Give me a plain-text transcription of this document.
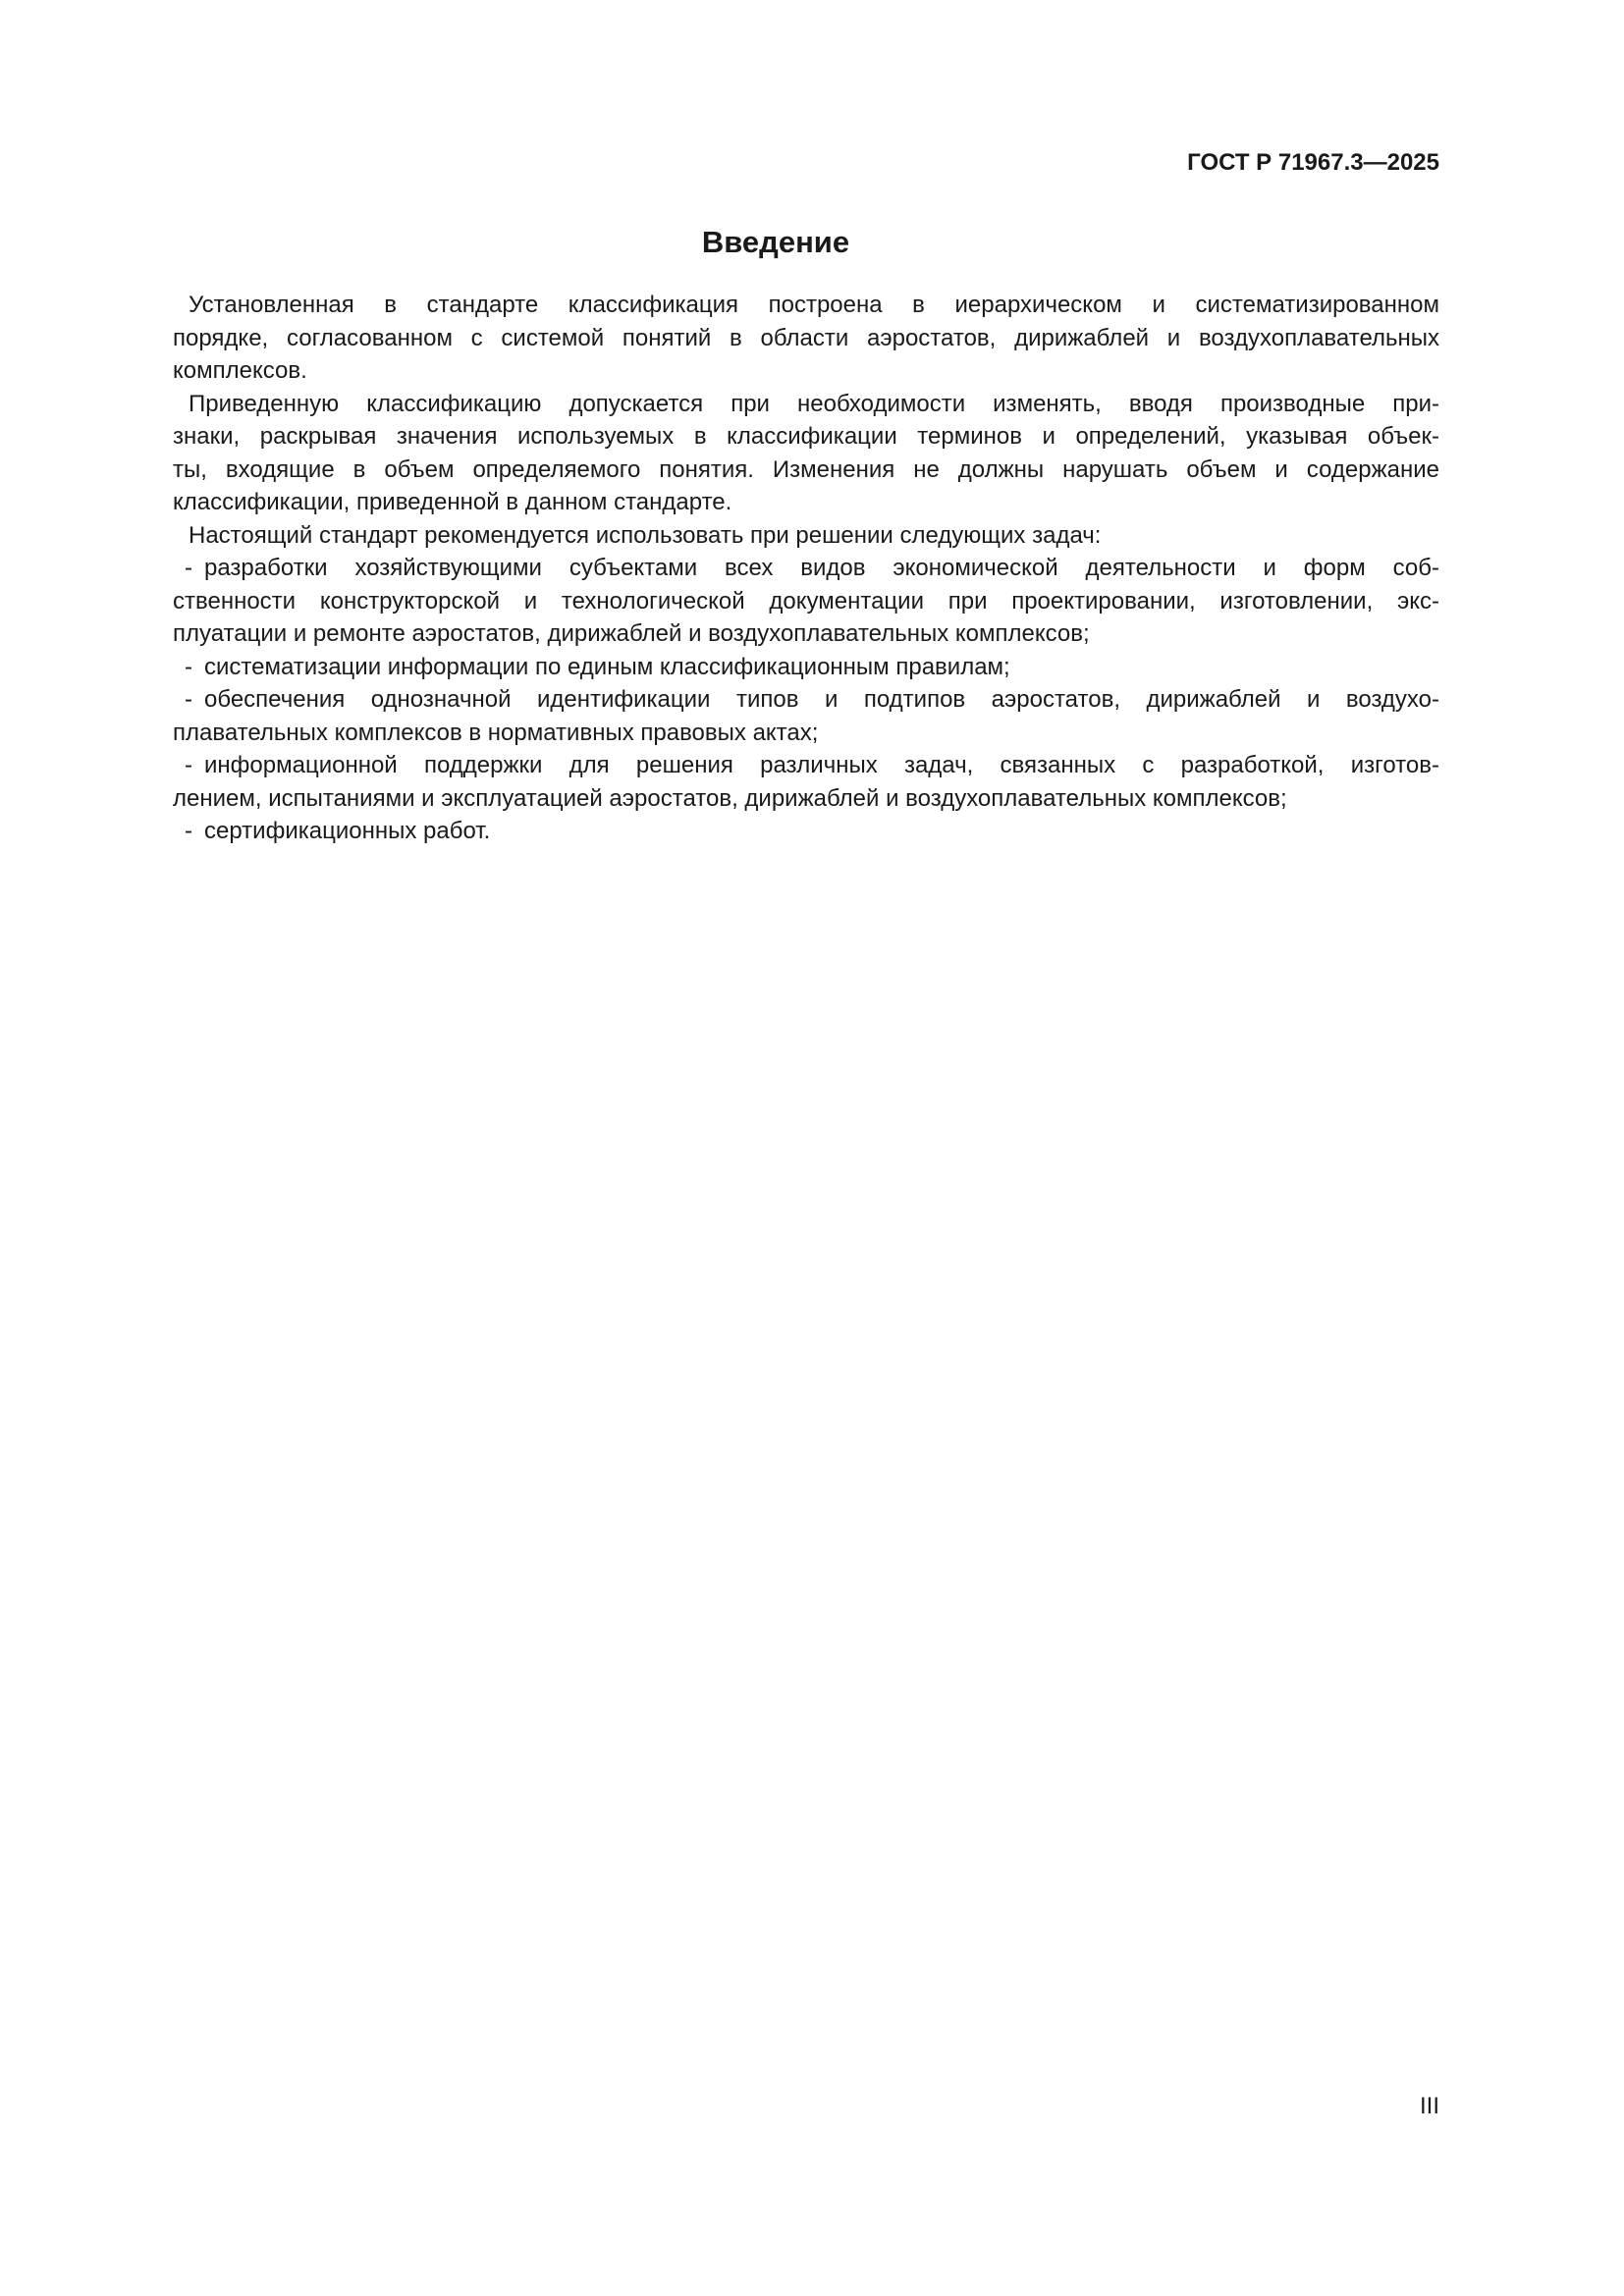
ГОСТ Р 71967.3—2025
Введение
Установленная в стандарте классификация построена в иерархическом и систематизированном
порядке, согласованном с системой понятий в области аэростатов, дирижаблей и воздухоплавательных
комплексов.
Приведенную классификацию допускается при необходимости изменять, вводя производные при-
знаки, раскрывая значения используемых в классификации терминов и определений, указывая объек-
ты, входящие в объем определяемого понятия. Изменения не должны нарушать объем и содержание
классификации, приведенной в данном стандарте.
Настоящий стандарт рекомендуется использовать при решении следующих задач:
- разработки хозяйствующими субъектами всех видов экономической деятельности и форм соб-
ственности конструкторской и технологической документации при проектировании, изготовлении, экс-
плуатации и ремонте аэростатов, дирижаблей и воздухоплавательных комплексов;
- систематизации информации по единым классификационным правилам;
- обеспечения однозначной идентификации типов и подтипов аэростатов, дирижаблей и воздухо-
плавательных комплексов в нормативных правовых актах;
- информационной поддержки для решения различных задач, связанных с разработкой, изготов-
лением, испытаниями и эксплуатацией аэростатов, дирижаблей и воздухоплавательных комплексов;
- сертификационных работ.
III
